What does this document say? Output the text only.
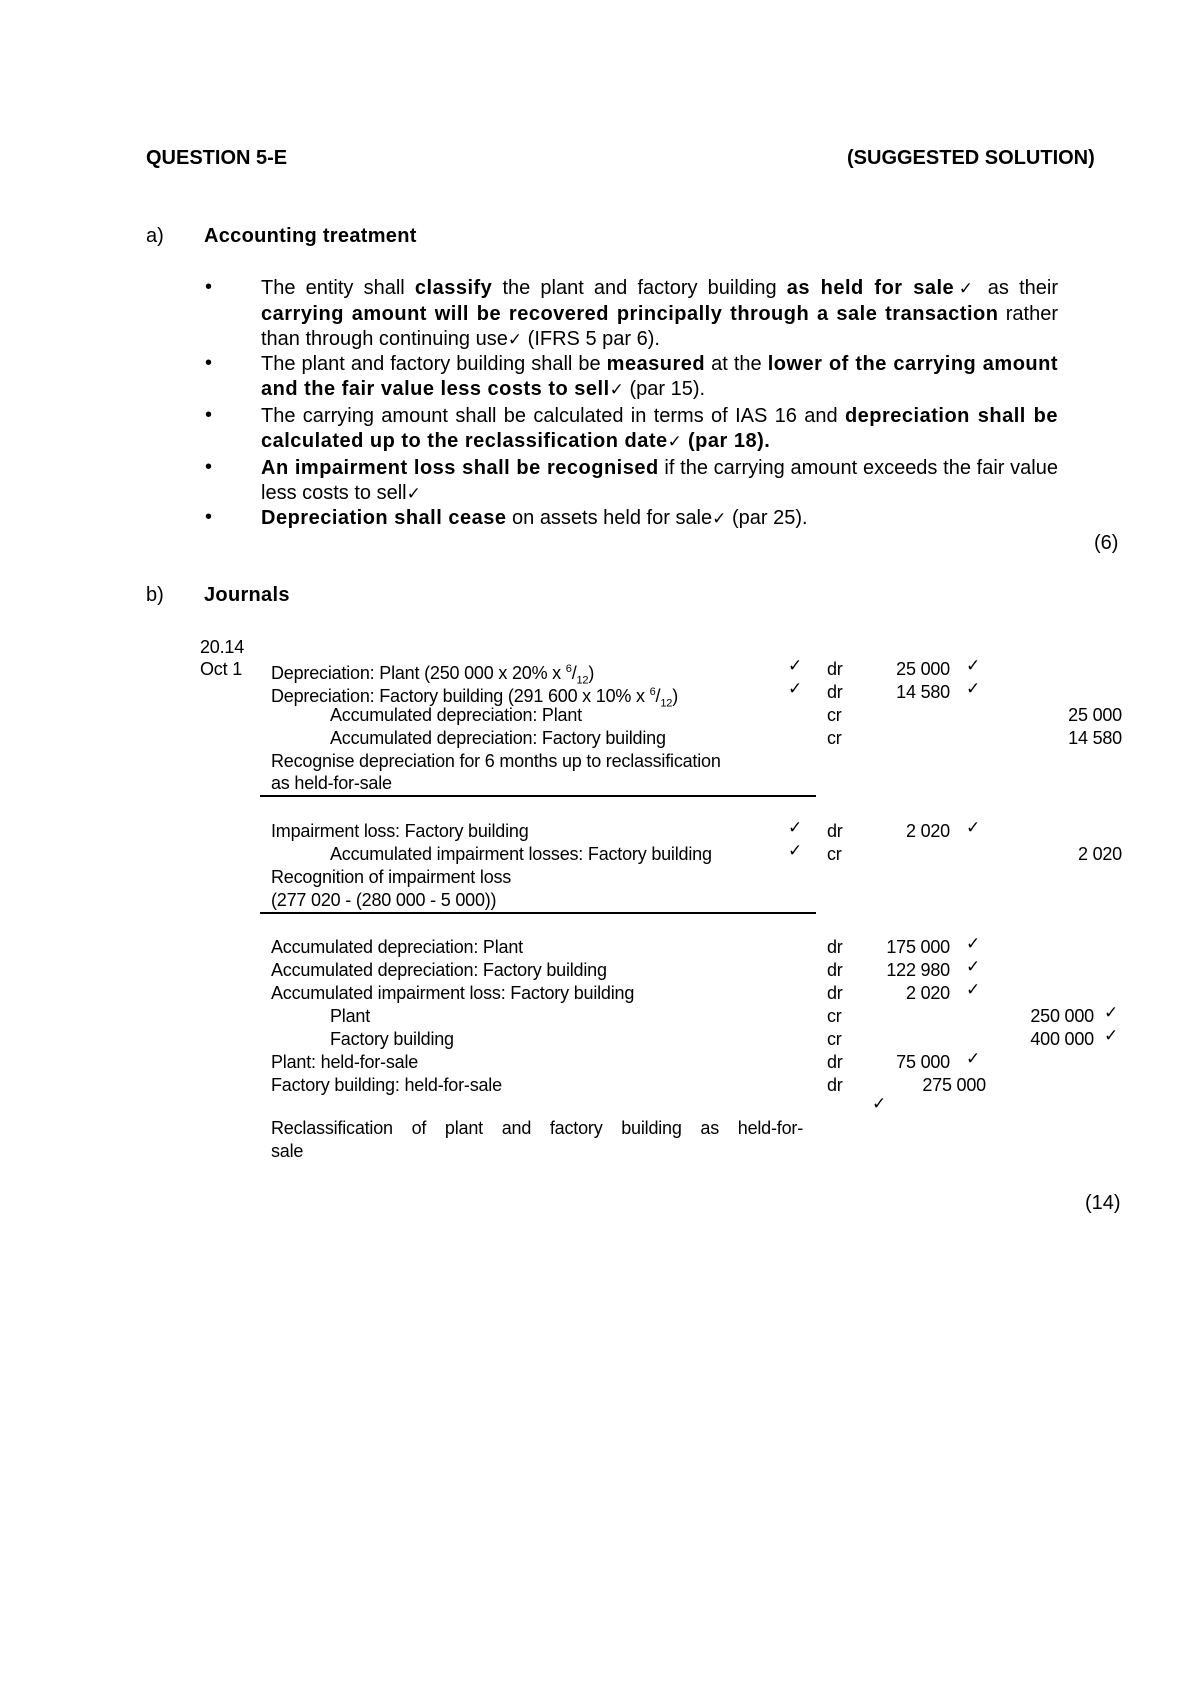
QUESTION 5-E	(SUGGESTED SOLUTION)
a) Accounting treatment
• The entity shall classify the plant and factory building as held for sale✓ as their carrying amount will be recovered principally through a sale transaction rather than through continuing use✓ (IFRS 5 par 6).
• The plant and factory building shall be measured at the lower of the carrying amount and the fair value less costs to sell✓ (par 15).
• The carrying amount shall be calculated in terms of IAS 16 and depreciation shall be calculated up to the reclassification date✓ (par 18).
• An impairment loss shall be recognised if the carrying amount exceeds the fair value less costs to sell✓
• Depreciation shall cease on assets held for sale✓ (par 25).
(6)
b) Journals
20.14
Oct 1 Depreciation: Plant (250 000 x 20% x $^6/_{12}$)
Depreciation: Factory building (291 600 x 10% x $^6/_{12}$)
Accumulated depreciation: Plant
Accumulated depreciation: Factory building
Recognise depreciation for 6 months up to reclassification
as held-for-sale
✓
✓
dr
dr
cr
cr
25 000
14 580
✓
✓
25 000
14 580
Impairment loss: Factory building
Accumulated impairment losses: Factory building
Recognition of impairment loss
(277 020 - (280 000 - 5 000))
✓
✓
dr
cr
2 020 ✓
2 020
Accumulated depreciation: Plant
Accumulated depreciation: Factory building
Accumulated impairment loss: Factory building
Plant
Factory building
Plant: held-for-sale
Factory building: held-for-sale
dr
dr
dr
cr
cr
dr
dr
175 000
122 980
2 020
75 000
275 000
✓
✓
✓
✓
✓
250 000
400 000
✓
✓
Reclassification of plant and factory building as held-for-
sale
(14)
